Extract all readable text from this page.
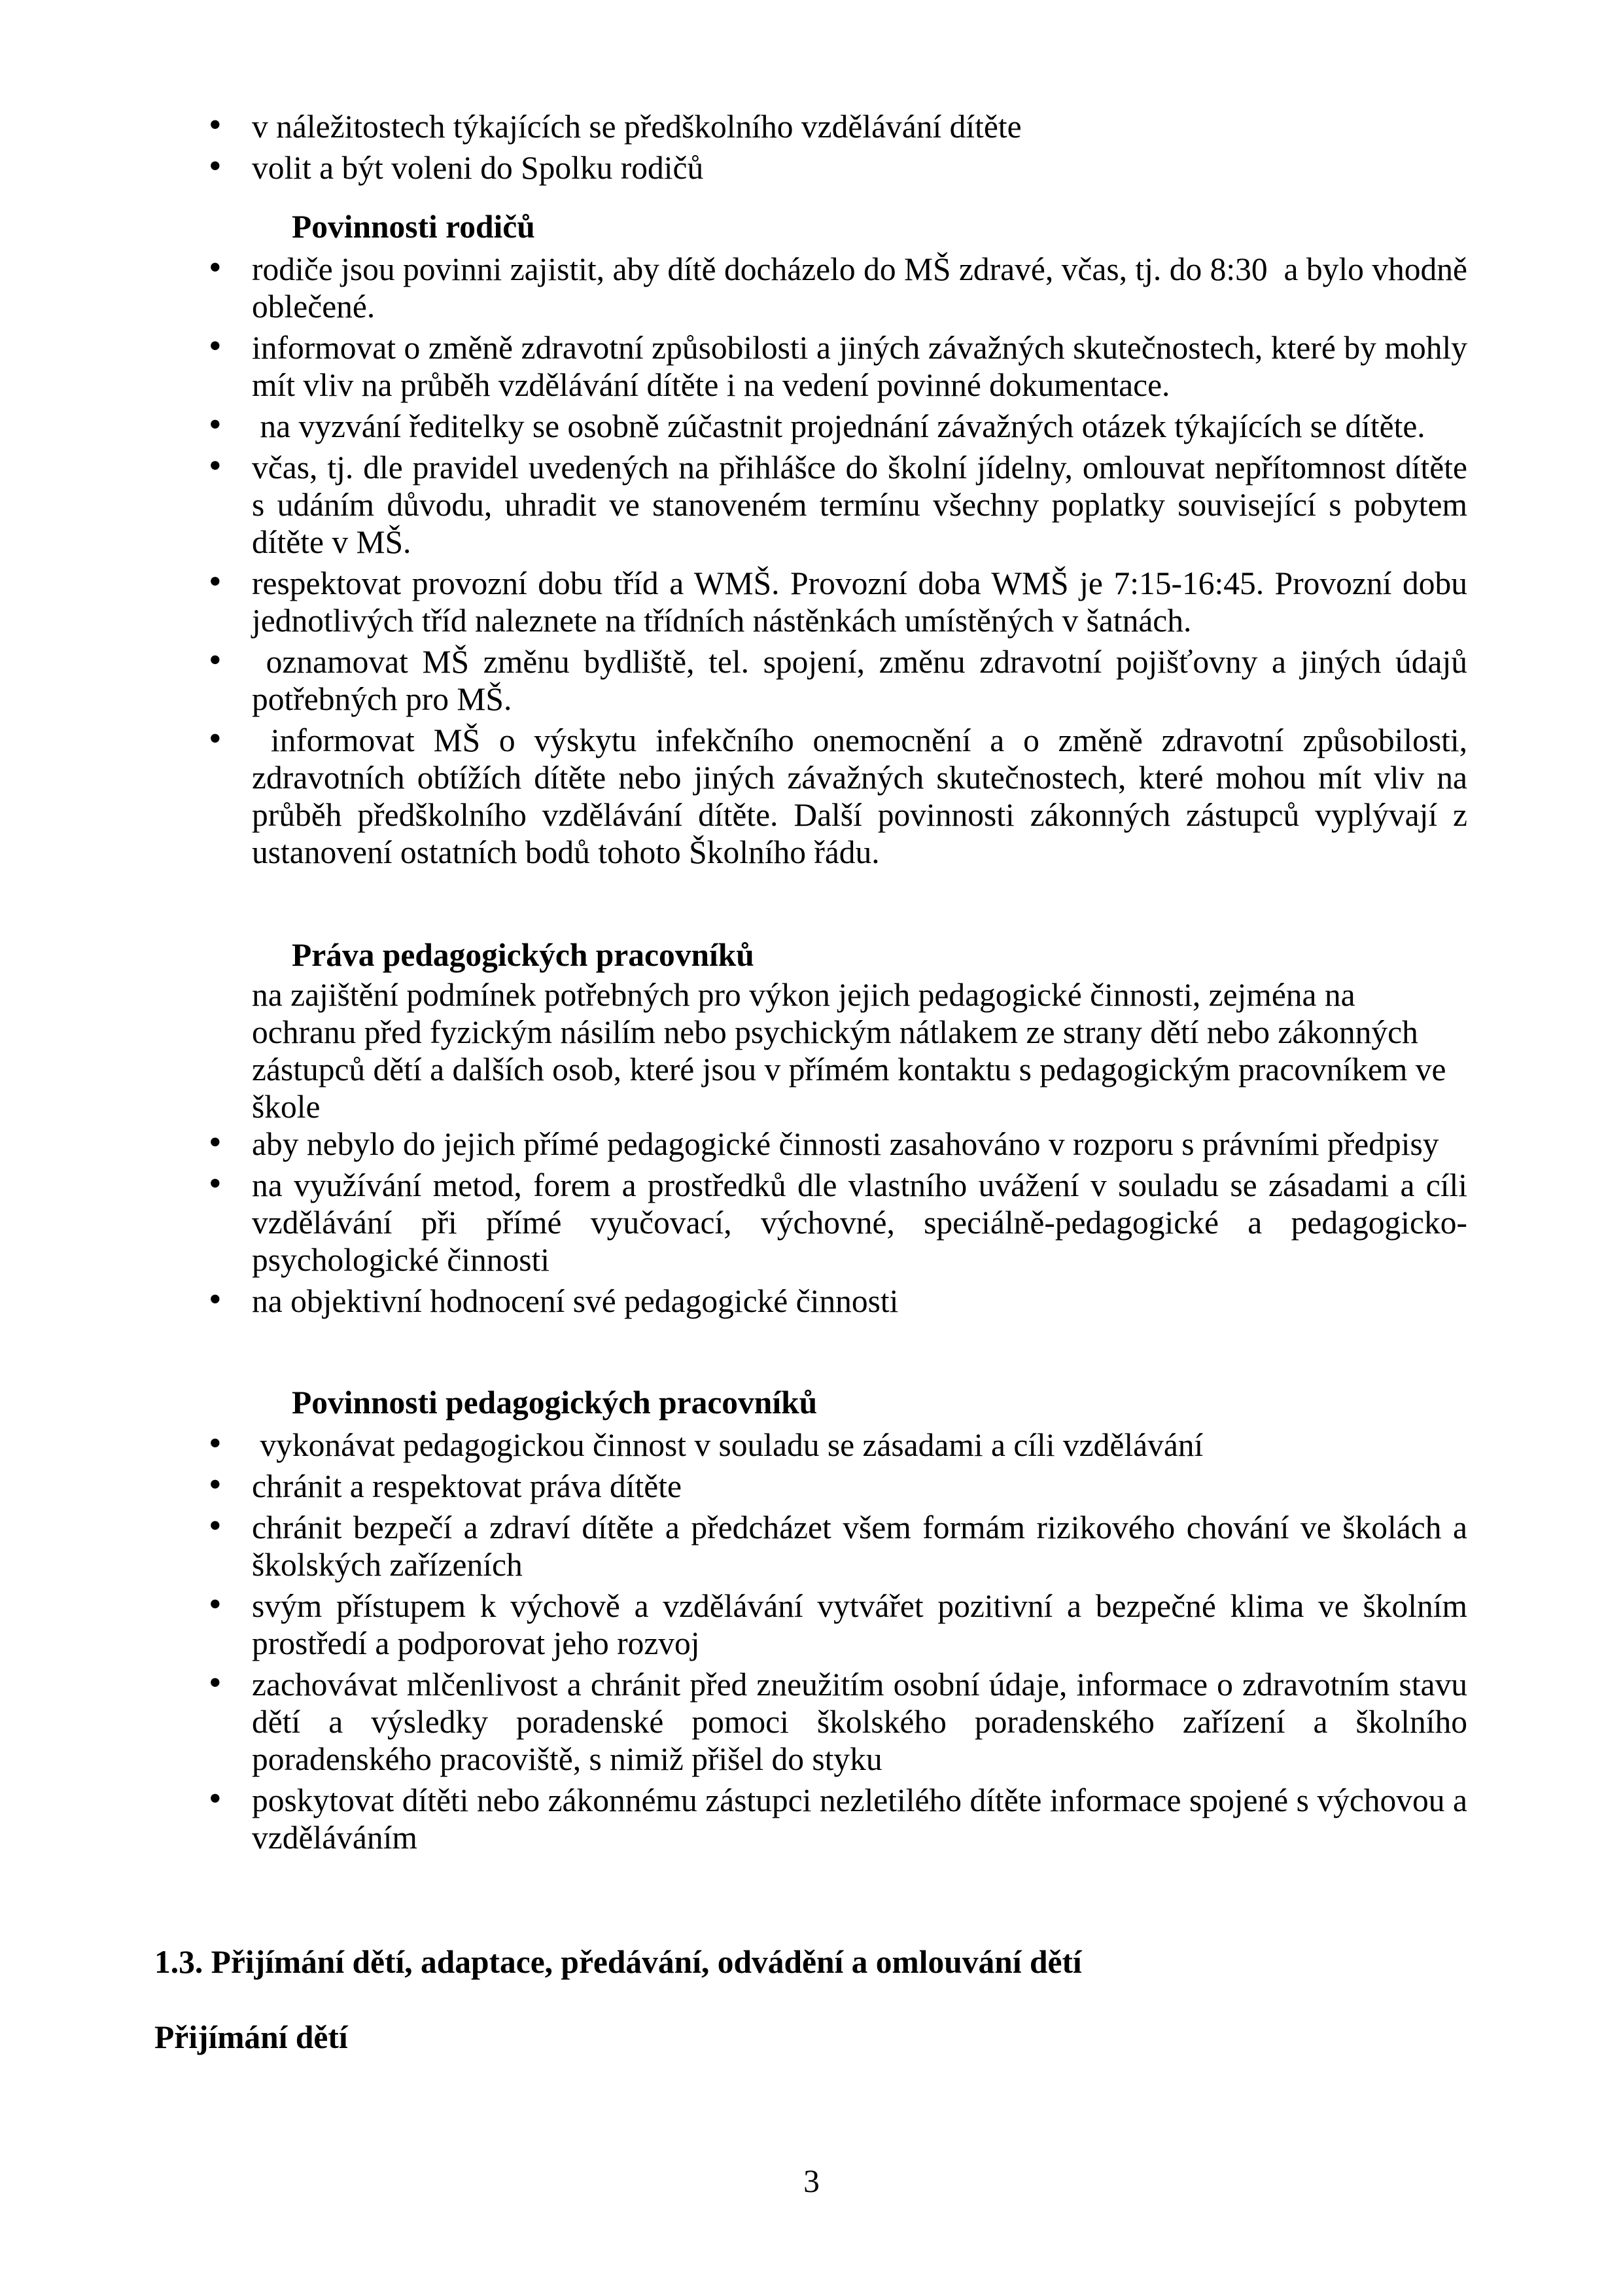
• v náležitostech týkajících se předškolního vzdělávání dítěte
• volit a být voleni do Spolku rodičů
Povinnosti rodičů
• rodiče jsou povinni zajistit, aby dítě docházelo do MŠ zdravé, včas, tj. do 8:30  a bylo vhodně oblečené.
• informovat o změně zdravotní způsobilosti a jiných závažných skutečnostech, které by mohly mít vliv na průběh vzdělávání dítěte i na vedení povinné dokumentace.
• na vyzvání ředitelky se osobně zúčastnit projednání závažných otázek týkajících se dítěte.
• včas, tj. dle pravidel uvedených na přihlášce do školní jídelny, omlouvat nepřítomnost dítěte s udáním důvodu, uhradit ve stanoveném termínu všechny poplatky související s pobytem dítěte v MŠ.
• respektovat provozní dobu tříd a WMŠ. Provozní doba WMŠ je 7:15-16:45. Provozní dobu jednotlivých tříd naleznete na třídních nástěnkách umístěných v šatnách.
• oznamovat MŠ změnu bydliště, tel. spojení, změnu zdravotní pojišťovny a jiných údajů potřebných pro MŠ.
• informovat MŠ o výskytu infekčního onemocnění a o změně zdravotní způsobilosti, zdravotních obtížích dítěte nebo jiných závažných skutečnostech, které mohou mít vliv na průběh předškolního vzdělávání dítěte. Další povinnosti zákonných zástupců vyplývají z ustanovení ostatních bodů tohoto Školního řádu.
Práva pedagogických pracovníků

na zajištění podmínek potřebných pro výkon jejich pedagogické činnosti, zejména na ochranu před fyzickým násilím nebo psychickým nátlakem ze strany dětí nebo zákonných zástupců dětí a dalších osob, které jsou v přímém kontaktu s pedagogickým pracovníkem ve škole

• aby nebylo do jejich přímé pedagogické činnosti zasahováno v rozporu s právními předpisy
• na využívání metod, forem a prostředků dle vlastního uvážení v souladu se zásadami a cíli vzdělávání při přímé vyučovací, výchovné, speciálně-pedagogické a pedagogicko-psychologické činnosti
• na objektivní hodnocení své pedagogické činnosti
Povinnosti pedagogických pracovníků
• vykonávat pedagogickou činnost v souladu se zásadami a cíli vzdělávání
• chránit a respektovat práva dítěte
• chránit bezpečí a zdraví dítěte a předcházet všem formám rizikového chování ve školách a školských zařízeních
• svým přístupem k výchově a vzdělávání vytvářet pozitivní a bezpečné klima ve školním prostředí a podporovat jeho rozvoj
• zachovávat mlčenlivost a chránit před zneužitím osobní údaje, informace o zdravotním stavu dětí a výsledky poradenské pomoci školského poradenského zařízení a školního poradenského pracoviště, s nimiž přišel do styku
• poskytovat dítěti nebo zákonnému zástupci nezletilého dítěte informace spojené s výchovou a vzděláváním
1.3. Přijímání dětí, adaptace, předávání, odvádění a omlouvání dětí
Přijímání dětí
3
